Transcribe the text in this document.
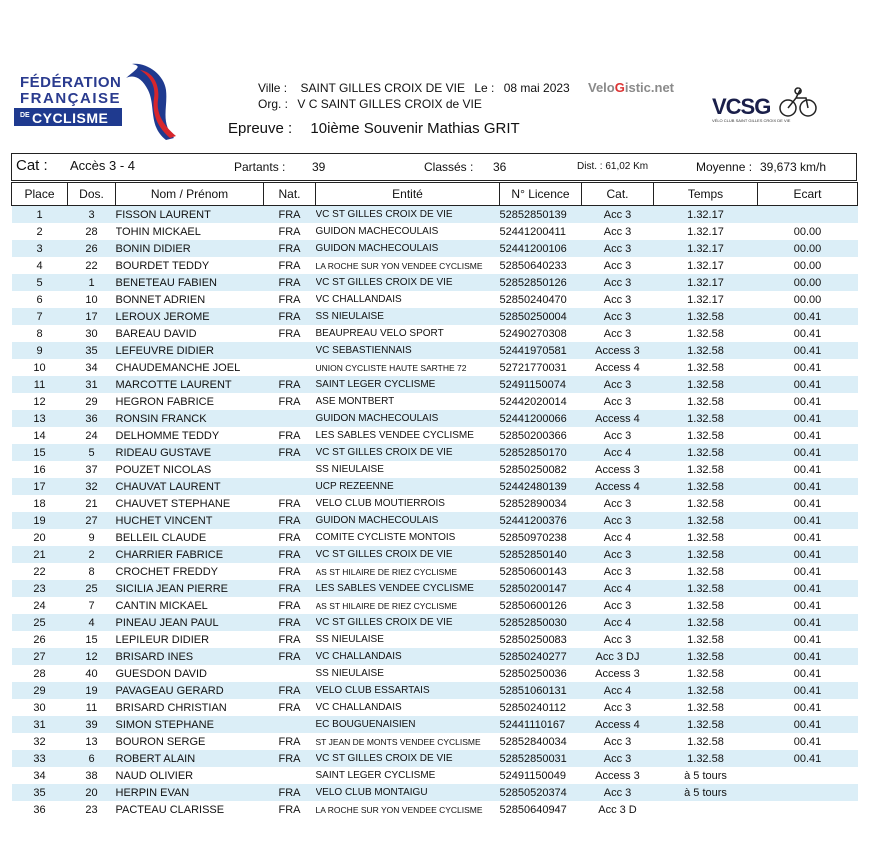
FÉDÉRATION
FRANÇAISE
DE CYCLISME
Ville : SAINT GILLES CROIX DE VIE Le : 08 mai 2023
Org. : V C SAINT GILLES CROIX de VIE
VeloGistic.net
VCSG
VÉLO CLUB SAINT GILLES CROIX DE VIE
Epreuve : 10ième Souvenir Mathias GRIT
Cat : Accès 3 - 4	Partants : 39	Classés : 36	Dist. : 61,02 Km	Moyenne : 39,673 km/h
Place	Dos.	Nom / Prénom	Nat.	Entité	N° Licence	Cat.	Temps	Ecart
1	3	FISSON LAURENT	FRA	VC ST GILLES CROIX DE VIE	52852850139	Acc 3	1.32.17	
2	28	TOHIN MICKAEL	FRA	GUIDON MACHECOULAIS	52441200411	Acc 3	1.32.17	00.00
3	26	BONIN DIDIER	FRA	GUIDON MACHECOULAIS	52441200106	Acc 3	1.32.17	00.00
4	22	BOURDET TEDDY	FRA	LA ROCHE SUR YON VENDEE CYCLISME	52850640233	Acc 3	1.32.17	00.00
5	1	BENETEAU FABIEN	FRA	VC ST GILLES CROIX DE VIE	52852850126	Acc 3	1.32.17	00.00
6	10	BONNET ADRIEN	FRA	VC CHALLANDAIS	52850240470	Acc 3	1.32.17	00.00
7	17	LEROUX JEROME	FRA	SS NIEULAISE	52850250004	Acc 3	1.32.58	00.41
8	30	BAREAU DAVID	FRA	BEAUPREAU VELO SPORT	52490270308	Acc 3	1.32.58	00.41
9	35	LEFEUVRE DIDIER		VC SEBASTIENNAIS	52441970581	Access 3	1.32.58	00.41
10	34	CHAUDEMANCHE JOEL		UNION CYCLISTE HAUTE SARTHE 72	52721770031	Access 4	1.32.58	00.41
11	31	MARCOTTE LAURENT	FRA	SAINT LEGER CYCLISME	52491150074	Acc 3	1.32.58	00.41
12	29	HEGRON FABRICE	FRA	ASE MONTBERT	52442020014	Acc 3	1.32.58	00.41
13	36	RONSIN FRANCK		GUIDON MACHECOULAIS	52441200066	Access 4	1.32.58	00.41
14	24	DELHOMME TEDDY	FRA	LES SABLES VENDEE CYCLISME	52850200366	Acc 3	1.32.58	00.41
15	5	RIDEAU GUSTAVE	FRA	VC ST GILLES CROIX DE VIE	52852850170	Acc 4	1.32.58	00.41
16	37	POUZET NICOLAS		SS NIEULAISE	52850250082	Access 3	1.32.58	00.41
17	32	CHAUVAT LAURENT		UCP REZEENNE	52442480139	Access 4	1.32.58	00.41
18	21	CHAUVET STEPHANE	FRA	VELO CLUB MOUTIERROIS	52852890034	Acc 3	1.32.58	00.41
19	27	HUCHET VINCENT	FRA	GUIDON MACHECOULAIS	52441200376	Acc 3	1.32.58	00.41
20	9	BELLEIL CLAUDE	FRA	COMITE CYCLISTE MONTOIS	52850970238	Acc 4	1.32.58	00.41
21	2	CHARRIER FABRICE	FRA	VC ST GILLES CROIX DE VIE	52852850140	Acc 3	1.32.58	00.41
22	8	CROCHET FREDDY	FRA	AS ST HILAIRE DE RIEZ CYCLISME	52850600143	Acc 3	1.32.58	00.41
23	25	SICILIA JEAN PIERRE	FRA	LES SABLES VENDEE CYCLISME	52850200147	Acc 4	1.32.58	00.41
24	7	CANTIN MICKAEL	FRA	AS ST HILAIRE DE RIEZ CYCLISME	52850600126	Acc 3	1.32.58	00.41
25	4	PINEAU JEAN PAUL	FRA	VC ST GILLES CROIX DE VIE	52852850030	Acc 4	1.32.58	00.41
26	15	LEPILEUR DIDIER	FRA	SS NIEULAISE	52850250083	Acc 3	1.32.58	00.41
27	12	BRISARD INES	FRA	VC CHALLANDAIS	52850240277	Acc 3 DJ	1.32.58	00.41
28	40	GUESDON DAVID		SS NIEULAISE	52850250036	Access 3	1.32.58	00.41
29	19	PAVAGEAU GERARD	FRA	VELO CLUB ESSARTAIS	52851060131	Acc 4	1.32.58	00.41
30	11	BRISARD CHRISTIAN	FRA	VC CHALLANDAIS	52850240112	Acc 3	1.32.58	00.41
31	39	SIMON STEPHANE		EC BOUGUENAISIEN	52441110167	Access 4	1.32.58	00.41
32	13	BOURON SERGE	FRA	ST JEAN DE MONTS VENDEE CYCLISME	52852840034	Acc 3	1.32.58	00.41
33	6	ROBERT ALAIN	FRA	VC ST GILLES CROIX DE VIE	52852850031	Acc 3	1.32.58	00.41
34	38	NAUD OLIVIER		SAINT LEGER CYCLISME	52491150049	Access 3	à 5 tours	
35	20	HERPIN EVAN	FRA	VELO CLUB MONTAIGU	52850520374	Acc 3	à 5 tours	
36	23	PACTEAU CLARISSE	FRA	LA ROCHE SUR YON VENDEE CYCLISME	52850640947	Acc 3 D		
